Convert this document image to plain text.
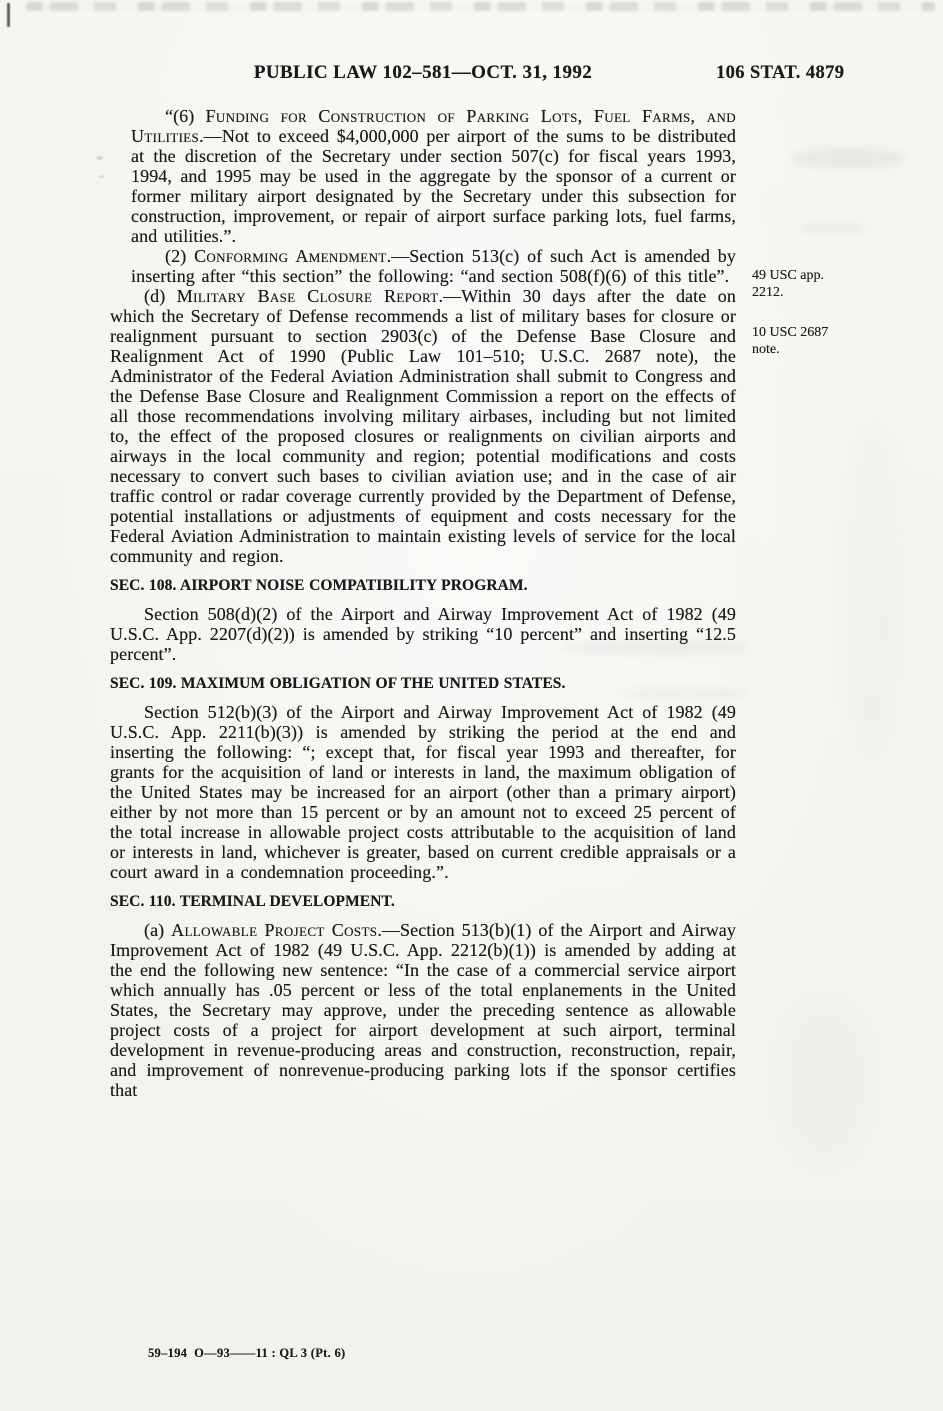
PUBLIC LAW 102–581—OCT. 31, 1992	106 STAT. 4879

“(6) Funding for Construction of Parking Lots, Fuel Farms, and Utilities.—Not to exceed $4,000,000 per airport of the sums to be distributed at the discretion of the Secretary under section 507(c) for fiscal years 1993, 1994, and 1995 may be used in the aggregate by the sponsor of a current or former military airport designated by the Secretary under this subsection for construction, improvement, or repair of airport surface parking lots, fuel farms, and utilities.”.

(2) Conforming Amendment.—Section 513(c) of such Act is amended by inserting after “this section” the following: “and section 508(f)(6) of this title”.

(d) Military Base Closure Report.—Within 30 days after the date on which the Secretary of Defense recommends a list of military bases for closure or realignment pursuant to section 2903(c) of the Defense Base Closure and Realignment Act of 1990 (Public Law 101–510; U.S.C. 2687 note), the Administrator of the Federal Aviation Administration shall submit to Congress and the Defense Base Closure and Realignment Commission a report on the effects of all those recommendations involving military airbases, including but not limited to, the effect of the proposed closures or realignments on civilian airports and airways in the local community and region; potential modifications and costs necessary to convert such bases to civilian aviation use; and in the case of air traffic control or radar coverage currently provided by the Department of Defense, potential installations or adjustments of equipment and costs necessary for the Federal Aviation Administration to maintain existing levels of service for the local community and region.

SEC. 108. AIRPORT NOISE COMPATIBILITY PROGRAM.

Section 508(d)(2) of the Airport and Airway Improvement Act of 1982 (49 U.S.C. App. 2207(d)(2)) is amended by striking “10 percent” and inserting “12.5 percent”.

SEC. 109. MAXIMUM OBLIGATION OF THE UNITED STATES.

Section 512(b)(3) of the Airport and Airway Improvement Act of 1982 (49 U.S.C. App. 2211(b)(3)) is amended by striking the period at the end and inserting the following: “; except that, for fiscal year 1993 and thereafter, for grants for the acquisition of land or interests in land, the maximum obligation of the United States may be increased for an airport (other than a primary airport) either by not more than 15 percent or by an amount not to exceed 25 percent of the total increase in allowable project costs attributable to the acquisition of land or interests in land, whichever is greater, based on current credible appraisals or a court award in a condemnation proceeding.”.

SEC. 110. TERMINAL DEVELOPMENT.

(a) Allowable Project Costs.—Section 513(b)(1) of the Airport and Airway Improvement Act of 1982 (49 U.S.C. App. 2212(b)(1)) is amended by adding at the end the following new sentence: “In the case of a commercial service airport which annually has .05 percent or less of the total enplanements in the United States, the Secretary may approve, under the preceding sentence as allowable project costs of a project for airport development at such airport, terminal development in revenue-producing areas and construction, reconstruction, repair, and improvement of nonrevenue-producing parking lots if the sponsor certifies that

49 USC app.
2212.
10 USC 2687
note.
59–194  O—93——11 : QL 3 (Pt. 6)
